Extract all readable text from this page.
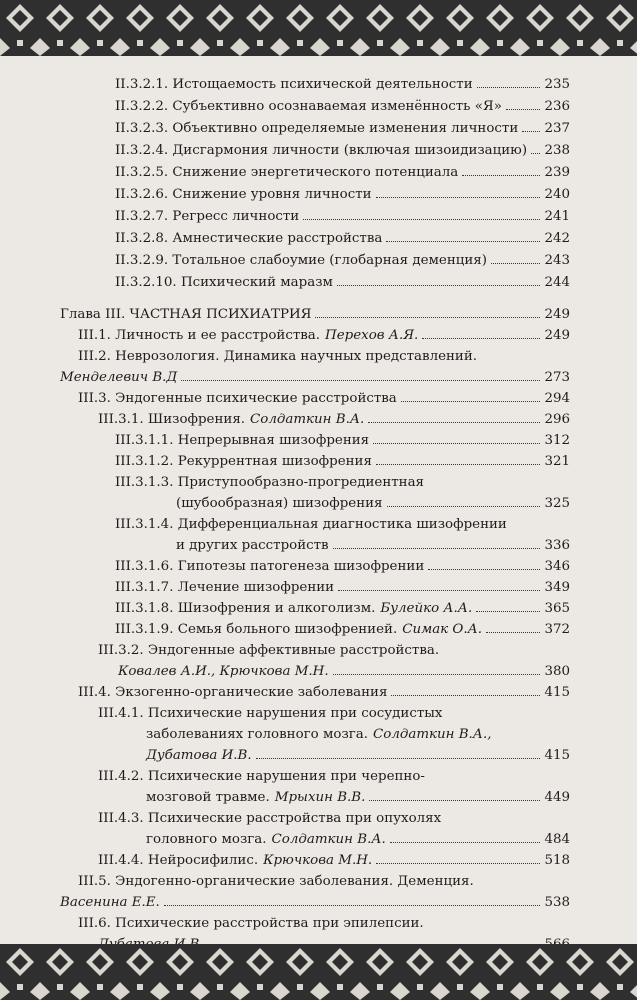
II.3.2.1. Истощаемость психической деятельности	235
II.3.2.2. Субъективно осознаваемая изменённость «Я»	236
II.3.2.3. Объективно определяемые изменения личности 237
II.3.2.4. Дисгармония личности (включая шизоидизацию) 238
II.3.2.5. Снижение энергетического потенциала	239
II.3.2.6. Снижение уровня личности	240
II.3.2.7. Регресс личности	241
II.3.2.8. Амнестические расстройства	242
II.3.2.9. Тотальное слабоумие (глобарная деменция)	243
II.3.2.10. Психический маразм	244
Глава III. ЧАСТНАЯ ПСИХИАТРИЯ	249
III.1. Личность и ее расстройства. Перехов А.Я.	249
III.2. Неврозология. Динамика научных представлений.
Менделевич В.Д	273
III.3. Эндогенные психические расстройства	294
III.3.1. Шизофрения. Солдаткин В.А.	296
III.3.1.1. Непрерывная шизофрения	312
III.3.1.2. Рекуррентная шизофрения	321
III.3.1.3. Приступообразно-прогредиентная
(шубообразная) шизофрения	325
III.3.1.4. Дифференциальная диагностика шизофрении
и других расстройств	336
III.3.1.6. Гипотезы патогенеза шизофрении	346
III.3.1.7. Лечение шизофрении	349
III.3.1.8. Шизофрения и алкоголизм. Булейко А.А.	365
III.3.1.9. Семья больного шизофренией. Симак О.А.	372
III.3.2. Эндогенные аффективные расстройства.
Ковалев А.И., Крючкова М.Н.	380
III.4. Экзогенно-органические заболевания	415
III.4.1. Психические нарушения при сосудистых
заболеваниях головного мозга. Солдаткин В.А.,
Дубатова И.В.	415
III.4.2. Психические нарушения при черепно-
мозговой травме. Мрыхин В.В.	449
III.4.3. Психические расстройства при опухолях
головного мозга. Солдаткин В.А.	484
III.4.4. Нейросифилис. Крючкова М.Н.	518
III.5. Эндогенно-органические заболевания. Деменция.
Васенина Е.Е.	538
III.6. Психические расстройства при эпилепсии.
